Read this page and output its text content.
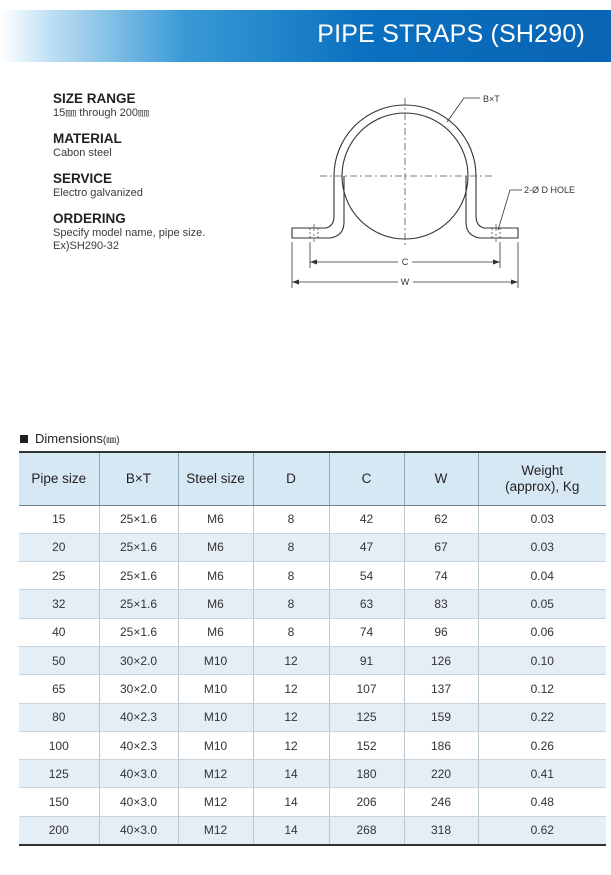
PIPE STRAPS (SH290)
SIZE RANGE
15㎜ through 200㎜
MATERIAL
Cabon steel
SERVICE
Electro galvanized
ORDERING
Specify model name, pipe size.
Ex)SH290-32
B×T
2-Ø D HOLE
C
W
Dimensions (㎜)
Pipe size	B×T	Steel size	D	C	W	Weight
(approx), Kg
15	25×1.6	M6	8	42	62	0.03
20	25×1.6	M6	8	47	67	0.03
25	25×1.6	M6	8	54	74	0.04
32	25×1.6	M6	8	63	83	0.05
40	25×1.6	M6	8	74	96	0.06
50	30×2.0	M10	12	91	126	0.10
65	30×2.0	M10	12	107	137	0.12
80	40×2.3	M10	12	125	159	0.22
100	40×2.3	M10	12	152	186	0.26
125	40×3.0	M12	14	180	220	0.41
150	40×3.0	M12	14	206	246	0.48
200	40×3.0	M12	14	268	318	0.62
